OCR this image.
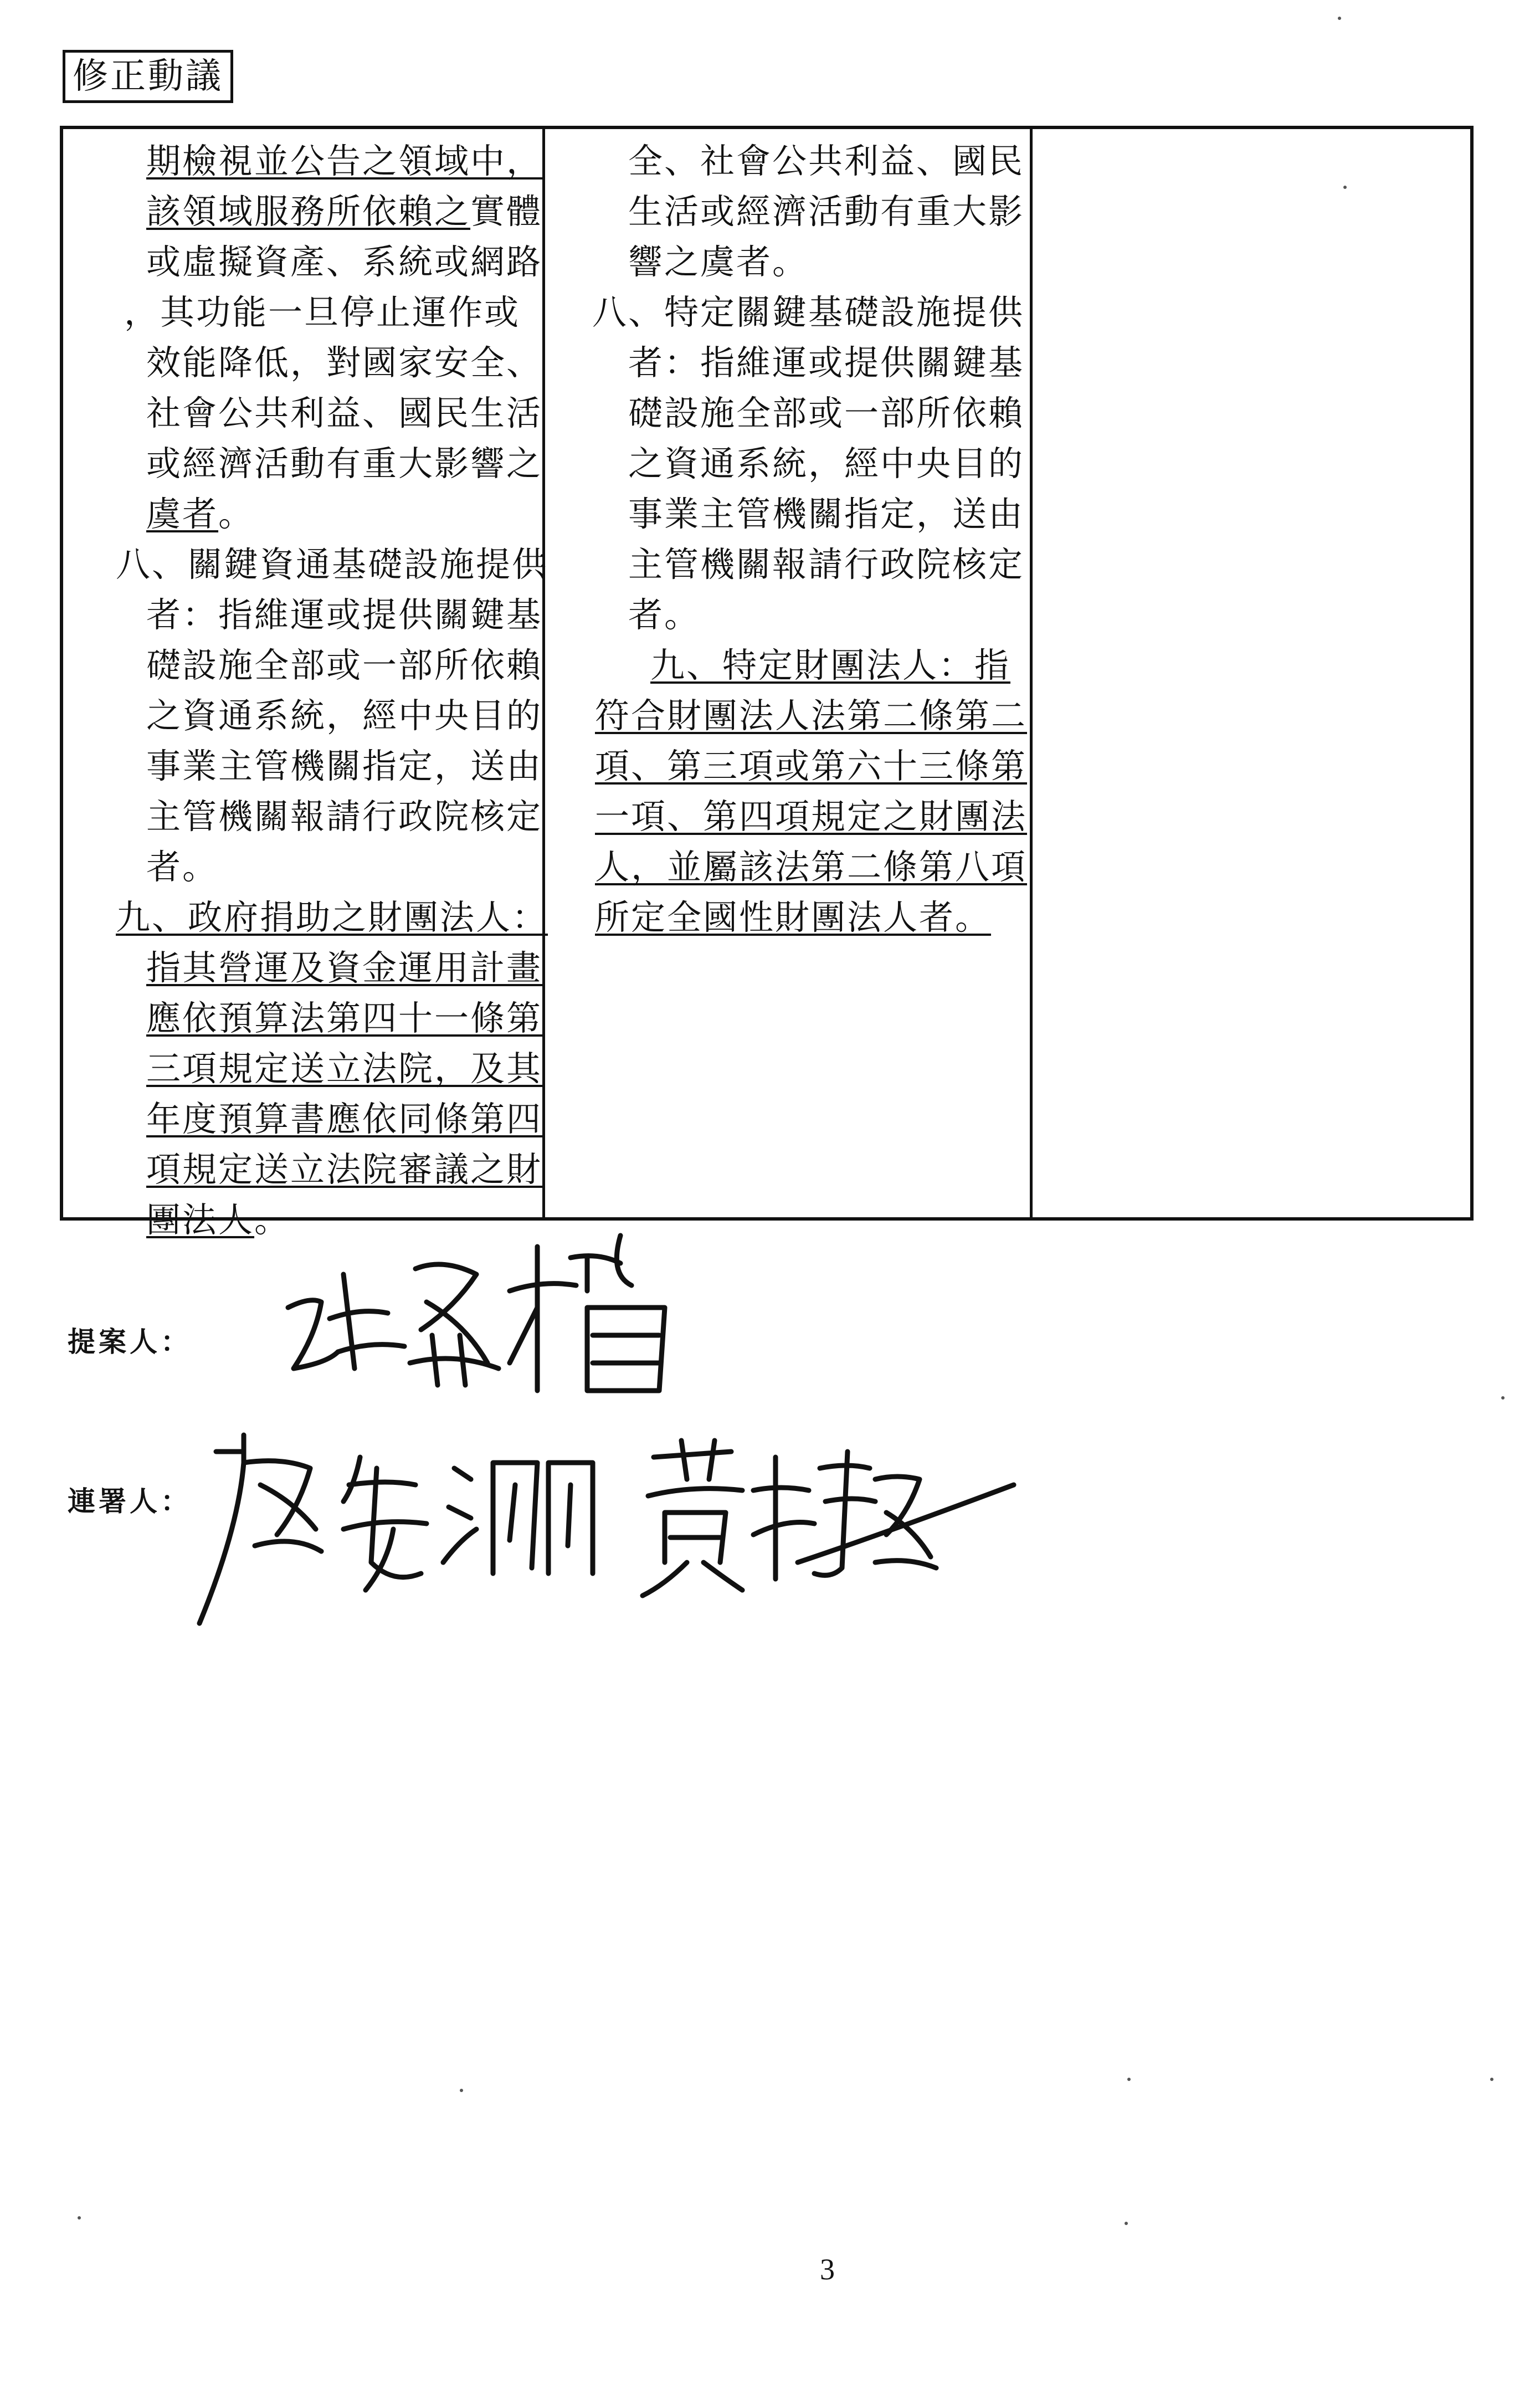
修正動議
期檢視並公告之領域中，
該領域服務所依賴之實體
或虛擬資產、系統或網路
，其功能一旦停止運作或
效能降低，對國家安全、
社會公共利益、國民生活
或經濟活動有重大影響之
虞者。
八、關鍵資通基礎設施提供
者：指維運或提供關鍵基
礎設施全部或一部所依賴
之資通系統，經中央目的
事業主管機關指定，送由
主管機關報請行政院核定
者。
九、政府捐助之財團法人：
指其營運及資金運用計畫
應依預算法第四十一條第
三項規定送立法院，及其
年度預算書應依同條第四
項規定送立法院審議之財
團法人。
全、社會公共利益、國民
生活或經濟活動有重大影
響之虞者。
八、特定關鍵基礎設施提供
者：指維運或提供關鍵基
礎設施全部或一部所依賴
之資通系統，經中央目的
事業主管機關指定，送由
主管機關報請行政院核定
者。
九、特定財團法人：指
符合財團法人法第二條第二
項、第三項或第六十三條第
一項、第四項規定之財團法
人，並屬該法第二條第八項
所定全國性財團法人者。
提案人：
連署人：
3
